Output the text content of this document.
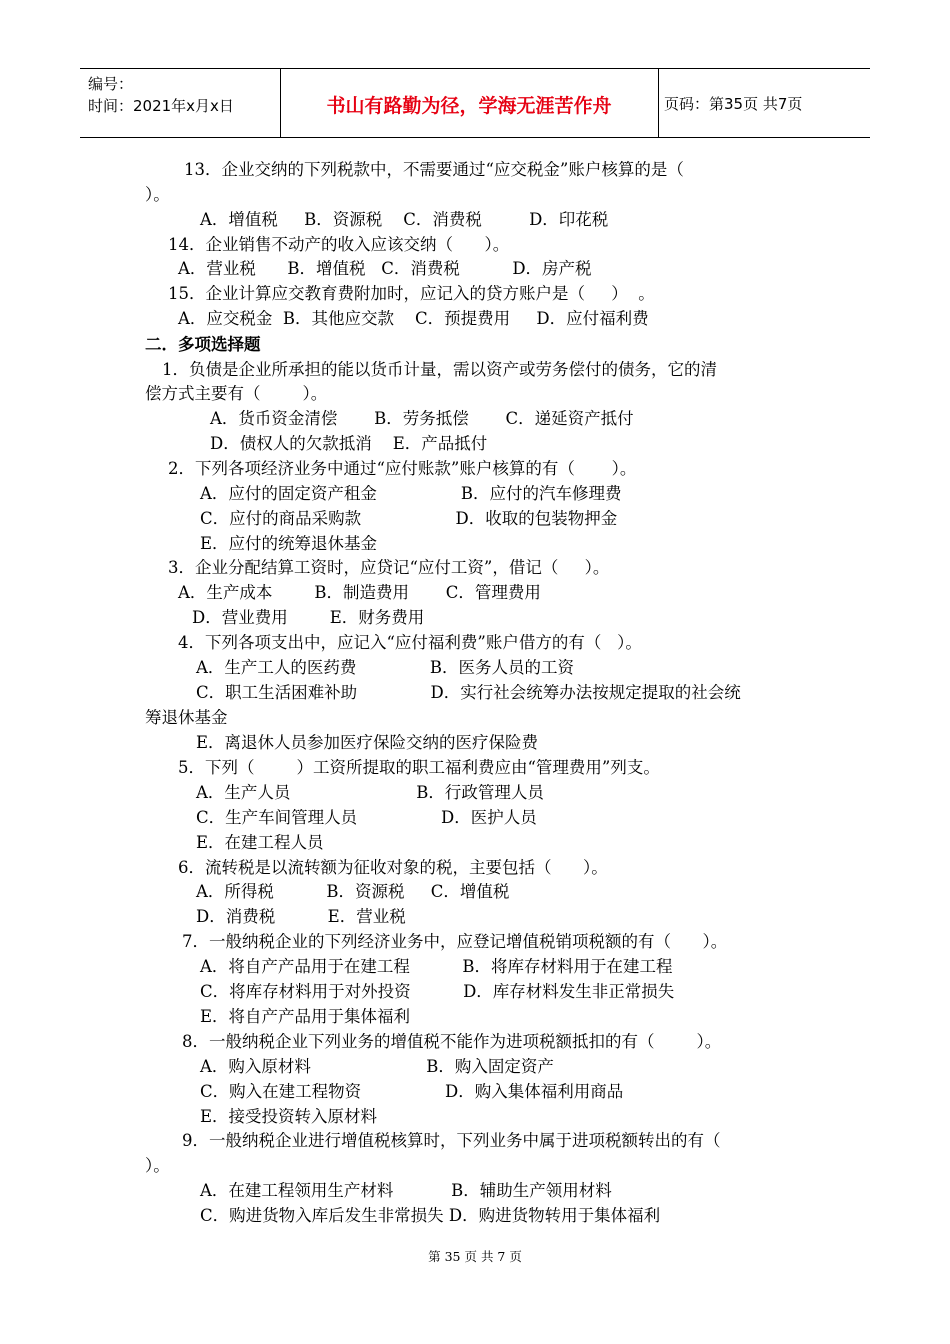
编号：
时间：2021年x月x日	书山有路勤为径，学海无涯苦作舟	页码：第35页 共7页
13．企业交纳的下列税款中，不需要通过“应交税金”账户核算的是（
）。
A．增值税     B．资源税    C．消费税         D．印花税
14．企业销售不动产的收入应该交纳（      ）。
A．营业税      B．增值税   C．消费税          D．房产税
15．企业计算应交教育费附加时，应记入的贷方账户是（     ）  。
A．应交税金  B．其他应交款    C．预提费用     D．应付福利费
二．多项选择题
1．负债是企业所承担的能以货币计量，需以资产或劳务偿付的债务，它的清
偿方式主要有（        ）。
A．货币资金清偿       B．劳务抵偿       C．递延资产抵付
D．债权人的欠款抵消    E．产品抵付
2．下列各项经济业务中通过“应付账款”账户核算的有（       ）。
A．应付的固定资产租金                B．应付的汽车修理费
C．应付的商品采购款                  D．收取的包装物押金
E．应付的统筹退休基金
3．企业分配结算工资时，应贷记“应付工资”，借记（     ）。
A．生产成本        B．制造费用       C．管理费用
D．营业费用        E．财务费用
4．下列各项支出中，应记入“应付福利费”账户借方的有（   ）。
A．生产工人的医药费              B．医务人员的工资
C．职工生活困难补助              D．实行社会统筹办法按规定提取的社会统
筹退休基金
E．离退休人员参加医疗保险交纳的医疗保险费
5．下列（        ）工资所提取的职工福利费应由“管理费用”列支。
A．生产人员                        B．行政管理人员
C．生产车间管理人员                D．医护人员
E．在建工程人员
6．流转税是以流转额为征收对象的税，主要包括（      ）。
A．所得税          B．资源税     C．增值税
D．消费税          E．营业税
7．一般纳税企业的下列经济业务中，应登记增值税销项税额的有（      ）。
A．将自产产品用于在建工程          B．将库存材料用于在建工程
C．将库存材料用于对外投资          D．库存材料发生非正常损失
E．将自产产品用于集体福利
8．一般纳税企业下列业务的增值税不能作为进项税额抵扣的有（        ）。
A．购入原材料                      B．购入固定资产
C．购入在建工程物资                D．购入集体福利用商品
E．接受投资转入原材料
9．一般纳税企业进行增值税核算时，下列业务中属于进项税额转出的有（
）。
A．在建工程领用生产材料           B．辅助生产领用材料
C．购进货物入库后发生非常损失 D．购进货物转用于集体福利
第 35 页 共 7 页
